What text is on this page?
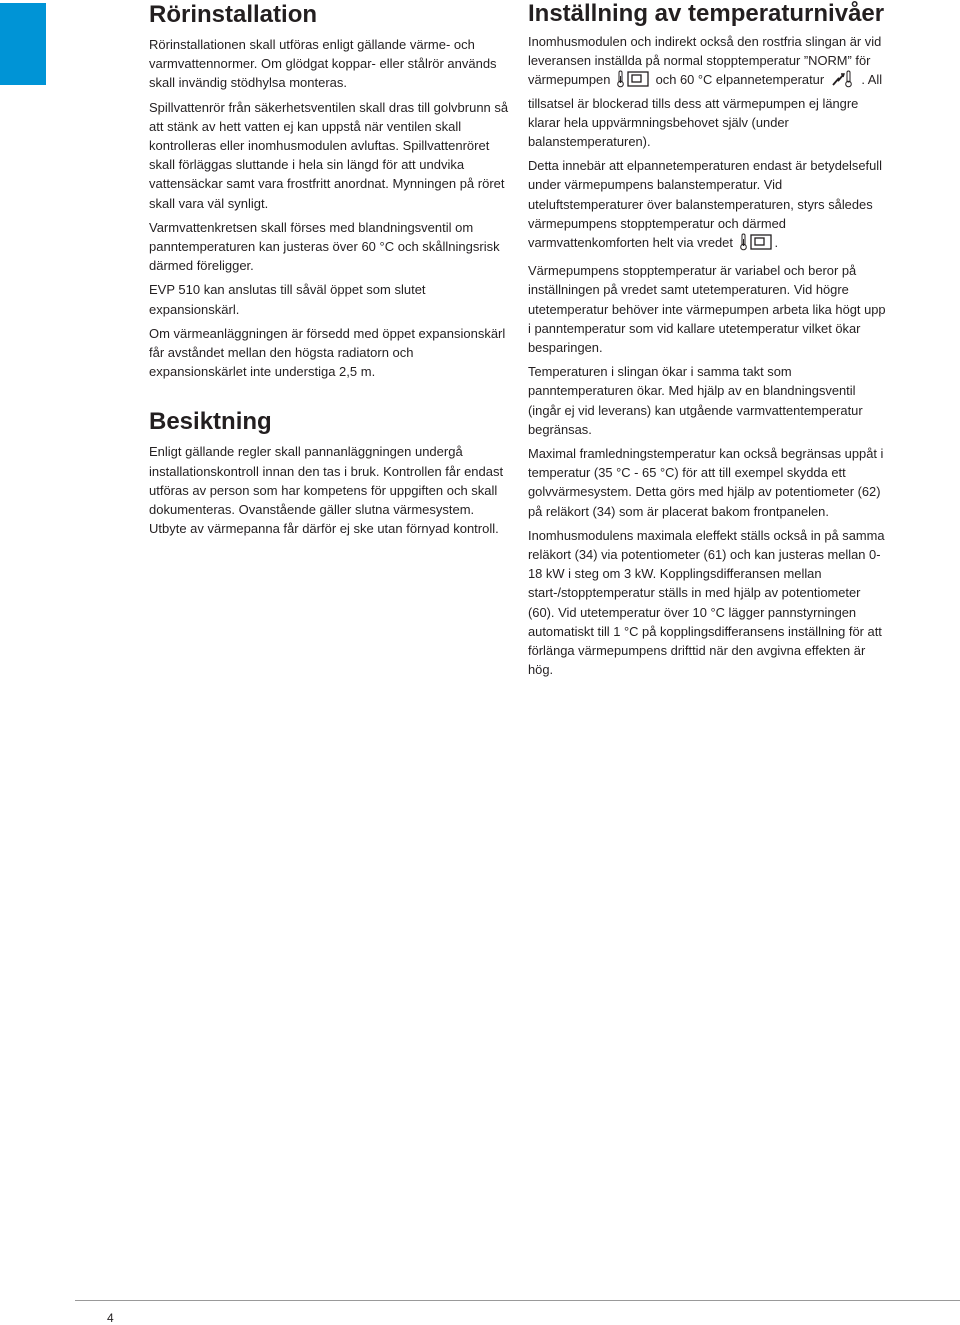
Rörinstallation

Rörinstallationen skall utföras enligt gällande värme- och varmvattennormer. Om glödgat koppar- eller stålrör används skall invändig stödhylsa monteras.

Spillvattenrör från säkerhetsventilen skall dras till golvbrunn så att stänk av hett vatten ej kan uppstå när ventilen skall kontrolleras eller inomhusmodulen avluftas. Spillvattenröret skall förläggas sluttande i hela sin längd för att undvika vattensäckar samt vara frostfritt anordnat. Mynningen på röret skall vara väl synligt.

Varmvattenkretsen skall förses med blandningsventil om panntemperaturen kan justeras över 60 °C och skållningsrisk därmed föreligger.

EVP 510 kan anslutas till såväl öppet som slutet expansionskärl.

Om värmeanläggningen är försedd med öppet expansionskärl får avståndet mellan den högsta radiatorn och expansionskärlet inte understiga 2,5 m.

Besiktning

Enligt gällande regler skall pannanläggningen undergå installationskontroll innan den tas i bruk. Kontrollen får endast utföras av person som har kompetens för uppgiften och skall dokumenteras. Ovanstående gäller slutna värmesystem. Utbyte av värmepanna får därför ej ske utan förnyad kontroll.

Inställning av temperaturnivåer

Inomhusmodulen och indirekt också den rostfria slingan är vid leveransen inställda på normal stopptemperatur ”NORM” för värmepumpen	och 60 °C elpannetemperatur	. All tillsatsel är blockerad tills dess att värmepumpen ej längre klarar hela uppvärmningsbehovet själv (under balanstemperaturen).

Detta innebär att elpannetemperaturen endast är betydelsefull under värmepumpens balanstemperatur. Vid uteluftstemperaturer över balanstemperaturen, styrs således värmepumpens stopptemperatur och därmed varmvattenkomforten helt via vredet	.

Värmepumpens stopptemperatur är variabel och beror på inställningen på vredet samt utetemperaturen. Vid högre utetemperatur behöver inte värmepumpen arbeta lika högt upp i panntemperatur som vid kallare utetemperatur vilket ökar besparingen.

Temperaturen i slingan ökar i samma takt som panntemperaturen ökar. Med hjälp av en blandningsventil (ingår ej vid leverans) kan utgående varmvattentemperatur begränsas.

Maximal framledningstemperatur kan också begränsas uppåt i temperatur (35 °C - 65 °C) för att till exempel skydda ett golvvärmesystem. Detta görs med hjälp av potentiometer (62) på reläkort (34) som är placerat bakom frontpanelen.

Inomhusmodulens maximala eleffekt ställs också in på samma reläkort (34) via potentiometer (61) och kan justeras mellan 0-18 kW i steg om 3 kW. Kopplingsdifferansen mellan start-/stopptemperatur ställs in med hjälp av potentiometer (60). Vid utetemperatur över 10 °C lägger pannstyrningen automatiskt till 1 °C på kopplingsdifferansens inställning för att förlänga värmepumpens drifttid när den avgivna effekten är hög.

4
